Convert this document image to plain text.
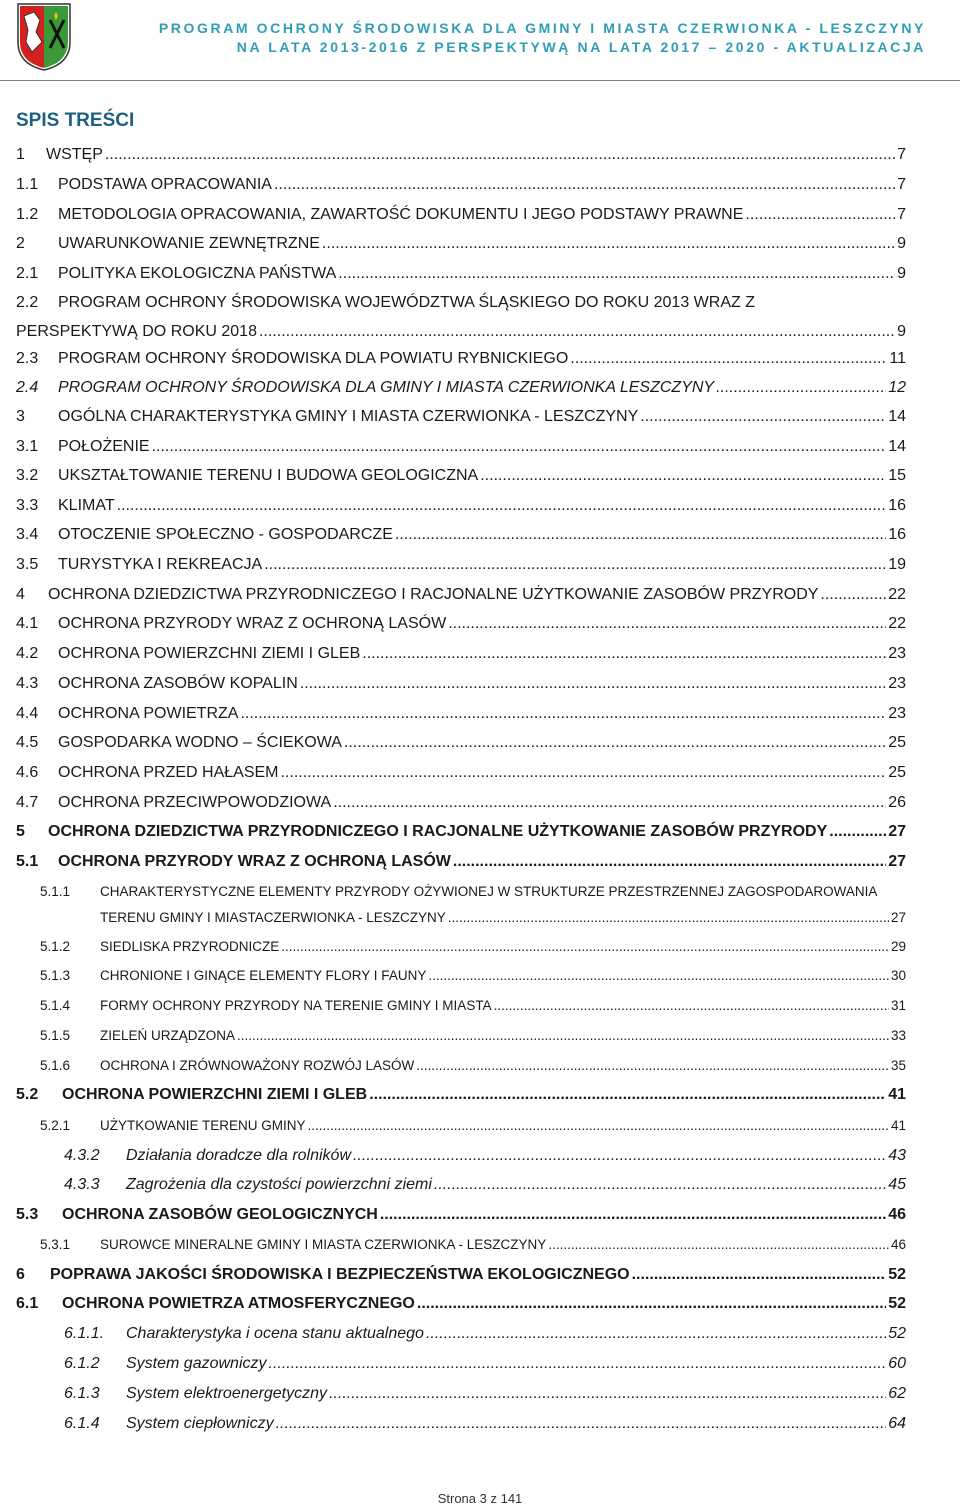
PROGRAM OCHRONY ŚRODOWISKA DLA GMINY I MIASTA CZERWIONKA - LESZCZYNY
NA LATA 2013-2016 Z PERSPEKTYWĄ NA LATA 2017 – 2020 - AKTUALIZACJA
SPIS TREŚCI
1	WSTĘP .....	7
1.1	PODSTAWA OPRACOWANIA .....	7
1.2	METODOLOGIA OPRACOWANIA, ZAWARTOŚĆ DOKUMENTU I JEGO PODSTAWY PRAWNE .....	7
2	UWARUNKOWANIE ZEWNĘTRZNE .....	9
2.1	POLITYKA EKOLOGICZNA PAŃSTWA .....	9
2.2	PROGRAM OCHRONY ŚRODOWISKA WOJEWÓDZTWA ŚLĄSKIEGO DO ROKU 2013 WRAZ Z
PERSPEKTYWĄ DO ROKU 2018 .....	9
2.3	PROGRAM OCHRONY ŚRODOWISKA DLA POWIATU RYBNICKIEGO .....	11
2.4	PROGRAM OCHRONY ŚRODOWISKA DLA GMINY I MIASTA CZERWIONKA LESZCZYNY .....	12
3	OGÓLNA CHARAKTERYSTYKA GMINY I MIASTA CZERWIONKA - LESZCZYNY .....	14
3.1	POŁOŻENIE .....	14
3.2	UKSZTAŁTOWANIE TERENU I BUDOWA GEOLOGICZNA .....	15
3.3	KLIMAT .....	16
3.4	OTOCZENIE SPOŁECZNO - GOSPODARCZE .....	16
3.5	TURYSTYKA I REKREACJA .....	19
4	OCHRONA DZIEDZICTWA PRZYRODNICZEGO I RACJONALNE UŻYTKOWANIE ZASOBÓW PRZYRODY .....	22
4.1	OCHRONA PRZYRODY WRAZ Z OCHRONĄ LASÓW .....	22
4.2	OCHRONA POWIERZCHNI ZIEMI I GLEB .....	23
4.3	OCHRONA ZASOBÓW KOPALIN .....	23
4.4	OCHRONA POWIETRZA .....	23
4.5	GOSPODARKA WODNO – ŚCIEKOWA .....	25
4.6	OCHRONA PRZED HAŁASEM .....	25
4.7	OCHRONA PRZECIWPOWODZIOWA .....	26
5	OCHRONA DZIEDZICTWA PRZYRODNICZEGO I RACJONALNE UŻYTKOWANIE ZASOBÓW PRZYRODY .....	27
5.1	OCHRONA PRZYRODY WRAZ Z OCHRONĄ LASÓW .....	27
5.1.1	CHARAKTERYSTYCZNE ELEMENTY PRZYRODY OŻYWIONEJ W STRUKTURZE PRZESTRZENNEJ ZAGOSPODAROWANIA
TERENU GMINY I MIASTACZERWIONKA - LESZCZYNY .....	27
5.1.2	SIEDLISKA PRZYRODNICZE .....	29
5.1.3	CHRONIONE I GINĄCE ELEMENTY FLORY I FAUNY .....	30
5.1.4	FORMY OCHRONY PRZYRODY NA TERENIE GMINY I MIASTA .....	31
5.1.5	ZIELEŃ URZĄDZONA .....	33
5.1.6	OCHRONA I ZRÓWNOWAŻONY ROZWÓJ LASÓW .....	35
5.2	OCHRONA POWIERZCHNI ZIEMI I GLEB .....	41
5.2.1	UŻYTKOWANIE TERENU GMINY .....	41
4.3.2	Działania doradcze dla rolników .....	43
4.3.3	Zagrożenia dla czystości powierzchni ziemi .....	45
5.3	OCHRONA ZASOBÓW GEOLOGICZNYCH .....	46
5.3.1	SUROWCE MINERALNE GMINY I MIASTA CZERWIONKA - LESZCZYNY .....	46
6	POPRAWA JAKOŚCI ŚRODOWISKA I BEZPIECZEŃSTWA EKOLOGICZNEGO .....	52
6.1	OCHRONA POWIETRZA ATMOSFERYCZNEGO .....	52
6.1.1.	Charakterystyka i ocena stanu aktualnego .....	52
6.1.2	System gazowniczy .....	60
6.1.3	System elektroenergetyczny .....	62
6.1.4	System ciepłowniczy .....	64
Strona 3 z 141
